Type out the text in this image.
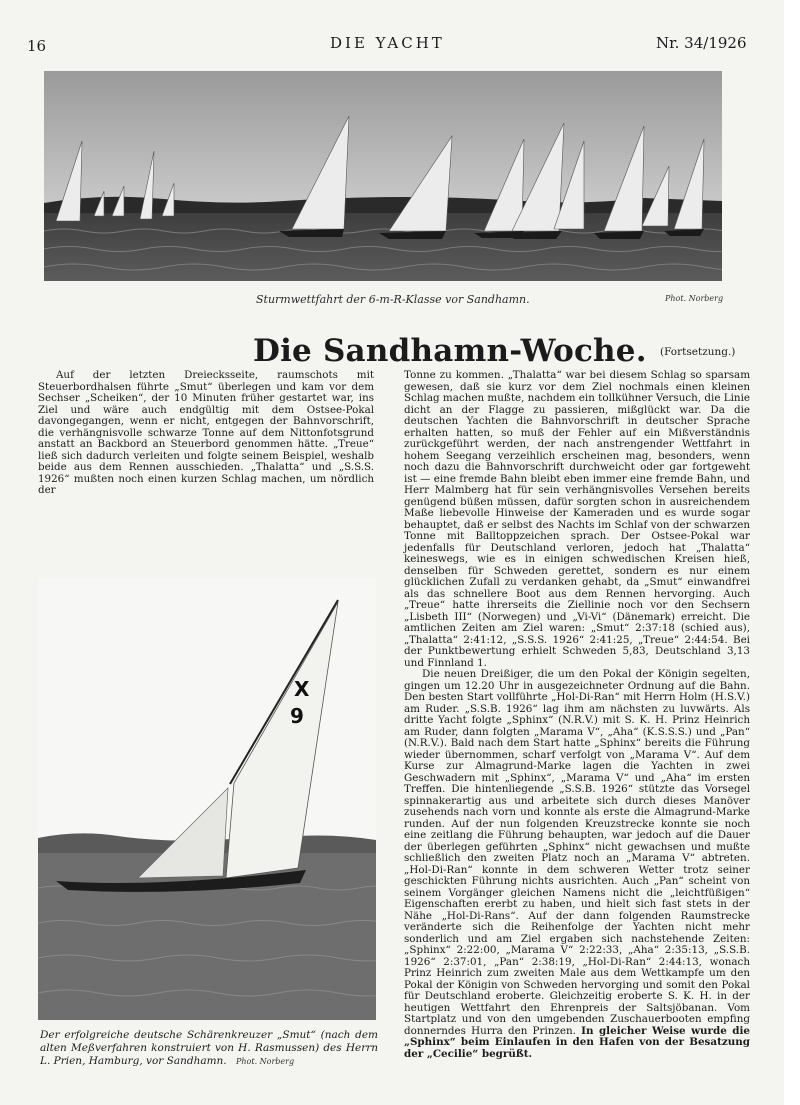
16	DIE YACHT	Nr. 34/1926
Sturmwettfahrt der 6-m-R-Klasse vor Sandhamn.	Phot. Norberg
Die Sandhamn-Woche. (Fortsetzung.)

Auf der letzten Dreiecksseite, raumschots mit Steuerbordhalsen führte „Smut“ überlegen und kam vor dem Sechser „Scheiken“, der 10 Minuten früher gestartet war, ins Ziel und wäre auch endgültig mit dem Ostsee-Pokal davongegangen, wenn er nicht, entgegen der Bahnvorschrift, die verhängnisvolle schwarze Tonne auf dem Nittonfotsgrund anstatt an Backbord an Steuerbord genommen hätte. „Treue“ ließ sich dadurch verleiten und folgte seinem Beispiel, weshalb beide aus dem Rennen ausschieden. „Thalatta“ und „S.S.S. 1926“ mußten noch einen kurzen Schlag machen, um nördlich der

X
9
Der erfolgreiche deutsche Schärenkreuzer „Smut“ (nach dem alten Meßverfahren konstruiert von H. Rasmussen) des Herrn L. Prien, Hamburg, vor Sandhamn. Phot. Norberg

Tonne zu kommen. „Thalatta“ war bei diesem Schlag so sparsam gewesen, daß sie kurz vor dem Ziel nochmals einen kleinen Schlag machen mußte, nachdem ein tollkühner Versuch, die Linie dicht an der Flagge zu passieren, mißglückt war. Da die deutschen Yachten die Bahnvorschrift in deutscher Sprache erhalten hatten, so muß der Fehler auf ein Mißverständnis zurückgeführt werden, der nach anstrengender Wettfahrt in hohem Seegang verzeihlich erscheinen mag, besonders, wenn noch dazu die Bahnvorschrift durchweicht oder gar fortgeweht ist — eine fremde Bahn bleibt eben immer eine fremde Bahn, und Herr Malmberg hat für sein verhängnisvolles Versehen bereits genügend büßen müssen, dafür sorgten schon in ausreichendem Maße liebevolle Hinweise der Kameraden und es wurde sogar behauptet, daß er selbst des Nachts im Schlaf von der schwarzen Tonne mit Balltoppzeichen sprach. Der Ostsee-Pokal war jedenfalls für Deutschland verloren, jedoch hat „Thalatta“ keineswegs, wie es in einigen schwedischen Kreisen hieß, denselben für Schweden gerettet, sondern es nur einem glücklichen Zufall zu verdanken gehabt, da „Smut“ einwandfrei als das schnellere Boot aus dem Rennen hervorging. Auch „Treue“ hatte ihrerseits die Ziellinie noch vor den Sechsern „Lisbeth III“ (Norwegen) und „Vi-Vi“ (Dänemark) erreicht. Die amtlichen Zeiten am Ziel waren: „Smut“ 2:37:18 (schied aus), „Thalatta“ 2:41:12, „S.S.S. 1926“ 2:41:25, „Treue“ 2:44:54. Bei der Punktbewertung erhielt Schweden 5,83, Deutschland 3,13 und Finnland 1.

Die neuen Dreißiger, die um den Pokal der Königin segelten, gingen um 12.20 Uhr in ausgezeichneter Ordnung auf die Bahn. Den besten Start vollführte „Hol-Di-Ran“ mit Herrn Holm (H.S.V.) am Ruder. „S.S.B. 1926“ lag ihm am nächsten zu luvwärts. Als dritte Yacht folgte „Sphinx“ (N.R.V.) mit S. K. H. Prinz Heinrich am Ruder, dann folgten „Marama V“, „Aha“ (K.S.S.S.) und „Pan“ (N.R.V.). Bald nach dem Start hatte „Sphinx“ bereits die Führung wieder übernommen, scharf verfolgt von „Marama V“. Auf dem Kurse zur Almagrund-Marke lagen die Yachten in zwei Geschwadern mit „Sphinx“, „Marama V“ und „Aha“ im ersten Treffen. Die hintenliegende „S.S.B. 1926“ stützte das Vorsegel spinnakerartig aus und arbeitete sich durch dieses Manöver zusehends nach vorn und konnte als erste die Almagrund-Marke runden. Auf der nun folgenden Kreuzstrecke konnte sie noch eine zeitlang die Führung behaupten, war jedoch auf die Dauer der überlegen geführten „Sphinx“ nicht gewachsen und mußte schließlich den zweiten Platz noch an „Marama V“ abtreten. „Hol-Di-Ran“ konnte in dem schweren Wetter trotz seiner geschickten Führung nichts ausrichten. Auch „Pan“ scheint von seinem Vorgänger gleichen Namens nicht die „leichtfüßigen“ Eigenschaften ererbt zu haben, und hielt sich fast stets in der Nähe „Hol-Di-Rans“. Auf der dann folgenden Raumstrecke veränderte sich die Reihenfolge der Yachten nicht mehr sonderlich und am Ziel ergaben sich nachstehende Zeiten: „Sphinx“ 2:22:00, „Marama V“ 2:22:33, „Aha“ 2:35:13, „S.S.B. 1926“ 2:37:01, „Pan“ 2:38:19, „Hol-Di-Ran“ 2:44:13, wonach Prinz Heinrich zum zweiten Male aus dem Wettkampfe um den Pokal der Königin von Schweden hervorging und somit den Pokal für Deutschland eroberte. Gleichzeitig eroberte S. K. H. in der heutigen Wettfahrt den Ehrenpreis der Saltsjöbanan. Vom Startplatz und von den umgebenden Zuschauerbooten empfing donnerndes Hurra den Prinzen. In gleicher Weise wurde die „Sphinx“ beim Einlaufen in den Hafen von der Besatzung der „Cecilie“ begrüßt.
